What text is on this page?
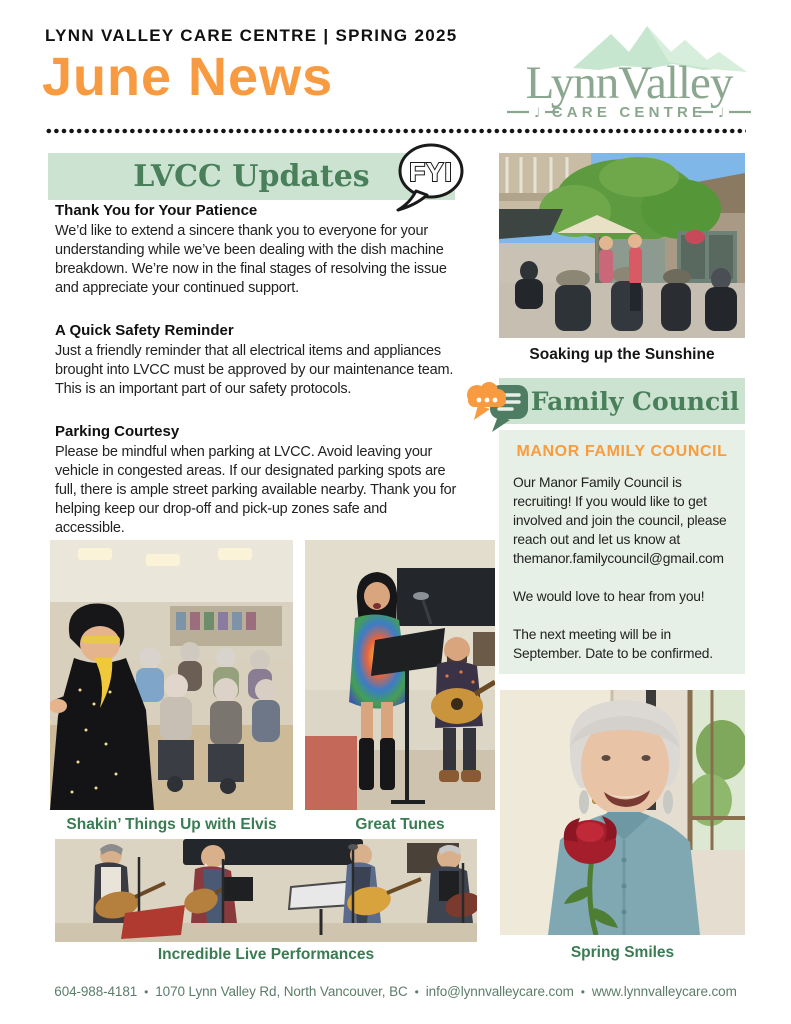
LYNN VALLEY CARE CENTRE | SPRING 2025
June News	LynnValley
♩ CARE CENTRE ♩
LVCC Updates FYI

Thank You for Your Patience

We’d like to extend a sincere thank you to everyone for your understanding while we’ve been dealing with the dish machine breakdown. We’re now in the final stages of resolving the issue and appreciate your continued support.

A Quick Safety Reminder

Just a friendly reminder that all electrical items and appliances brought into LVCC must be approved by our maintenance team. This is an important part of our safety protocols.

Parking Courtesy

Please be mindful when parking at LVCC. Avoid leaving your vehicle in congested areas. If our designated parking spots are full, there is ample street parking available nearby. Thank you for helping keep our drop-off and pick-up zones safe and accessible.

Shakin’ Things Up with Elvis	Great Tunes
Incredible Live Performances
Soaking up the Sunshine
Family Council

MANOR FAMILY COUNCIL

Our Manor Family Council is recruiting! If you would like to get involved and join the council, please reach out and let us know at themanor.familycouncil@gmail.com

We would love to hear from you!

The next meeting will be in September. Date to be confirmed.

Spring Smiles
604-988-4181 • 1070 Lynn Valley Rd, North Vancouver, BC • info@lynnvalleycare.com • www.lynnvalleycare.com
